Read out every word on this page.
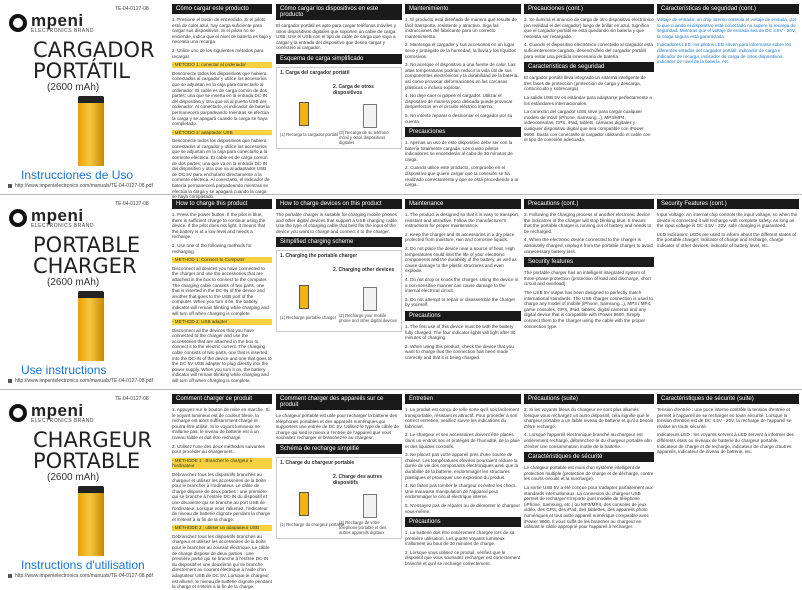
mpeni
ELECTRONICS BRAND
TE-04-0127-08
CARGADOR PORTÁTIL
(2600 mAh)
Instrucciones de Uso
http://www.impentelectronics.com/manuals/TE-04-0127-08.pdf
Cómo cargar este producto

1. Presione el botón de encendido. Si el piloto está de color azul, hay carga suficiente para cargar sus dispositivos. Si el piloto no se enciende, indica que el nivel de batería es bajo y necesita una recarga.

2. Utilice uno de los siguientes métodos para recargar.

- MÉTODO 1: conectar al ordenador

Desconecte todos los dispositivos que hubiera conectados al cargador y utilice los accesorios que se adjuntan en la caja para conectarlo al ordenador. El cable es de carga común de dos partes; una que se inserta en la entrada DC-IN del dispositivo y otra que va al puerto USB del ordenador. Al conectarlo, el indicador de batería permanecerá parpadeando mientras se efectúa la carga y se apagará cuando la carga se haya completado.

- MÉTODO 2: adaptador USB

Desconecte todos los dispositivos que hubiera conectados al cargador y utilice los accesorios que se adjuntan en la caja para conectarlo a la corriente eléctrica. El cable es de carga común de dos partes; una que va en la entrada DC-IN del dispositivo y otra que va al adaptador USB de DC 5V para enchufarlo directamente a la corriente eléctrica. Al conectarlo, el indicador de batería permanecerá parpadeando mientras se efectúa la carga y se apagará cuando la carga se haya completado.

Cómo cargar los dispositivos en este producto

El cargador portátil es apto para cargar teléfonos móviles y otros dispositivos digitales que soporten un cable de carga USB. Use el USB con el tipo de cable de carga que vaya a cargar y la entrada del dispositivo que desea cargar y conéctelo al cargador.

Esquema de carga simplificado
1. Carga del cargador portátil
2. Carga de otros dispositivos
(1) Recarga la cargador portátil (2) Recarga de su teléfono móvil y otros dispositivos digitales
Mantenimiento

1. El producto está diseñado de manera que resulte de fácil transporte, resistente y atractivo. Siga las instrucciones del fabricante para un correcto mantenimiento.

2. Mantenga el cargador y sus accesorios en un lugar seco y protegido de la humedad, la lluvia y los líquidos corrosivos.

3. No acerque el dispositivo a una fuente de calor. Las altas temperaturas podrían reducir la vida útil de sus componentes electrónicos y la durabilidad de la batería, así como provocar deformaciones en las carcasas plásticas o incluso explotar.

4. No deje caer ni golpee el cargador. Utilizar el dispositivo de manera poco delicada puede provocar desperfectos en el circuito eléctrico interno.

5. No intente reparar o desmontar el cargador por su cuenta.

Precauciones

1. Apenas un uso de este dispositivo debe ser con la batería totalmente cargada. Los cuatro pilotos indicadores se encenderán al cabo de 30 minutos de carga.

2. Cuando utilice este producto, compruebe en el dispositivo que quiere cargar que la conexión se ha realizado correctamente y que se está procediendo a la carga.

Precauciones (cont.)

3. Se ilumina el anuncio de carga de otro dispositivo electrónico (en realidad el del cargador) luego de brillar en azul. Significa que el cargador portátil se está quedando sin batería y que necesita ser recargado.

4. Cuando el dispositivo electrónico conectado al cargador está suficientemente cargado, desenchúfelo del cargador portátil para evitar una pérdida innecesaria de batería.

Características de seguridad

El cargador portátil lleva integrado un sistema inteligente de tres fases de protección (protección de carga y descarga, cortocircuito y sobrecarga).

La salida USB 5V es estándar para adaptarse perfectamente a los estándares internacionales.

La conexión del cargador USB sirve para cargar cualquier modelo de móvil (iPhone, Samsung...), MP3/MP4, videoconsolas, GPS, iPad, tablets, cámaras digitales y cualquier dispositivo digital que sea compatible con iPower 9600. Basta con conectarlo al cargador utilizando el cable con el tipo de conexión adecuada.

Características de seguridad (cont.)

Voltaje de entrada: un chip interno controla el voltaje de entrada, por lo que cuando el dispositivo esté conectado no supere la recarga de seguridad. Mientras que el voltaje de entrada sea de DC 4.5V - 20V, la carga segura está garantizada.

Indicadores LED: los pilotos LED sirven para informarse sobre los diferentes estados del cargador portátil: indicador de carga e indicador de recarga, indicador de carga de otros dispositivos, indicador de nivel de la batería, etc.

mpeni
ELECTRONICS BRAND
TE-04-0127-08
PORTABLE CHARGER
(2600 mAh)
Use instructions
http://www.impentelectronics.com/manuals/TE-04-0127-08.pdf
How to charge this product

1. Press the power button. If the pilot is blue, there is sufficient charge to continue using the device. If the pilot does not light, it means that the battery is at a low level and needs a recharge.

2. Use one of the following methods for recharging.

- METHOD 1: Connect to Computer

Disconnect all devices you have connected to the charger and use the accessories that are attached in the box to connect to the computer. The charging cable consists of two parts, one that is inserted in the DC-IN of the device and another that goes to the USB port of the computer. When you turn it on, the battery indicator will remain blinking while charging and will turn off when charging is complete.

- METHOD 2: USB adapter

Disconnect all the devices that you have connected to the charger and use the accessories that are attached in the box to connect it to the electric current. The charging cable consists of two parts, one that is inserted into the DC-IN of the device and one that goes to the DC 5V USB adapter to plug directly into the power supply. When you turn it on, the battery indicator will remain blinking while charging and will turn off when charging is complete.

How to charge devices on this product

The portable charger is suitable for charging mobile phones and other digital devices that support a USB charging cable. Use the type of charging cable that best fits the input of the device you want to charge and connect it to the charger.

Simplified charging scheme
1. Charging the portable charger
2. Charging other devices
(1) Recharge portable charger (2) Recharge your mobile phone and other digital devices
Maintenance

1. The product is designed so that it is easy to transport, resistant and attractive. Follow the manufacturer's instructions for proper maintenance.

2. Keep the charger and its accessories in a dry place protected from moisture, rain and corrosive liquids.

3. Do not place the device near a source of heat. High temperatures could limit the life of your electronic components and the durability of the battery, as well as cause damage to the plastic structures and even explode.

4. Do not drop or knock the charger. Using the device in a non-sensitive manner can cause damage to the internal electrical circuit.

5. Do not attempt to repair or disassemble the charger by yourself.

Precautions

1. The first use of this device must be with the battery fully charged. The four indicator lights will light after 30 minutes of charging.

2. When using this product, check the device that you want to charge that the connection has been made correctly and that it is being charged.

Precautions (cont.)

3. Following the charging process of another electronic device the indicators of the charger will stop blinking blue. It means that the portable charger is running out of battery and needs to be recharged.

4. When the electronic device connected to the charger is absolutely charged, unplug it from the portable charger to avoid unnecessary battery loss.

Security features

The portable charger has an intelligent integrated system of three-phase protection (protection of load and discharge, short circuit and overload).

The USB 5V output has been designed to perfectly match international standards. The USB charger connection is used to charge any model of mobile (iPhone, Samsung...), MP3 / MP4, game consoles, GPS, iPad, tablets, digital cameras and any digital device that is compatible with iPower 9600. Simply connect them to the charger using the cable with the proper connection type.

Security Features (cont.)

Input Voltage: An internal chip controls the input voltage, so when the device is connected it will recharge with complete safety. As long as the input voltage is DC 4.5V - 20V, safe charging is guaranteed.

LED Indicators: LEDs are used to inform about the different states of the portable charger: indicator of charge and recharge, charge indicator of other devices, indicator of battery level, etc.

mpeni
ELECTRONICS BRAND
TE-04-0127-08
CHARGEUR PORTABLE
(2600 mAh)
Instructions d'utilisation
http://www.impentelectronics.com/manuals/TE-04-0127-08.pdf
Comment charger ce produit

1. Appuyez sur le bouton de mise en marche. Si le voyant lumineux est de couleur bleue, la recharge est alors suffisamment chargé et pourra être utilisé. Si le voyant lumineux ne s'allume pas, le niveau de batterie est à un niveau faible et doit être rechargé.

2. Utilisez l'une des deux méthodes suivantes pour procéder au chargement.

- MÉTHODE 1 : Brancher le chargeur à l'ordinateur

Débranchez tous les dispositifs branchés au chargeur et utilisez les accessoires de la boîte pour le brancher à l'ordinateur. Le câble de charge dispose de deux parties : une première qui se branche à l'entrée DC-IN du dispositif et une deuxième qui se branche au port USB de l'ordinateur. Lorsque vous l'allumez, l'indicateur de niveau de batterie clignote pendant la charge et s'éteint à la fin de la charge.

- MÉTHODE 2 : utiliser un adaptateur USB

Débranchez tous les dispositifs branchés au chargeur et utilisez les accessoires de la boîte pour le brancher au courant électrique. Le câble de charge dispose de deux parties : une première partie qui se branche à l'entrée DC-IN du dispositif et une deuxième qui se branche directement au courant électrique à l'aide d'un adaptateur USB de DC 5V. Lorsque le chargeur est allumé, le niveau de batterie clignote pendant la charge et s'éteint à la fin de la charge.

Comment charger des appareils sur ce produit

Le chargeur portable est utile pour recharger la batterie des téléphones portables et des appareils numériques qui supportent une entrée de DC 5V. Utilisez le type de câble de charge qui sied le mieux à l'entrée de l'appareil que vous souhaitez recharger et branchez-le au chargeur.

Schéma de recharge simplifié
1. Charge du chargeur portable
2. Charge des autres dispositifs
(1) Recharge du chargeur portable
(2) Recharge de votre téléphone portable et des autres appareils digitaux
Entretien

1. Le produit est conçu de telle sorte qu'il soit facilement transportable, résistant et attractif. Pour procéder à son correct entretien, veuillez suivre les indications du fabricant.

2. Le chargeur et ses accessoires doivent être placés dans un endroit sec et protégés de l'humidité, de la pluie et des liquides corrosifs.

3. Ne placez pas votre appareil près d'une source de chaleur. Les températures élevées pourraient réduire la durée de vie des composants électroniques ainsi que la durabilité de la batterie, endommager les structures plastiques et provoquer une explosion du produit.

4. Ne faites pas tomber le chargeur et évitez les chocs. Une mauvaise manipulation de l'appareil peut endommager le circuit électrique interne.

5. N'essayez pas de réparer ou de démonter le chargeur vous-même.

Précautions

1. La batterie doit être entièrement chargée lors de sa première utilisation. Les quatre voyants lumineux s'allument au bout de 30 minutes de charge.

2. Lorsque vous utilisez ce produit, vérifiez que le dispositif que vous souhaitez recharger est correctement branché et qu'il se recharge correctement.

Précautions (suite)

3. Si les voyants bleus du chargeur ne sont plus allumés lorsque vous rechargez un autre dispositif, cela signifie que le chargeur portable a un faible niveau de batterie et qu'il a besoin d'être rechargé.

4. Lorsque l'appareil électronique branché au chargeur est entièrement rechargé, débranchez-le du chargeur portable afin d'éviter une consommation inutile de la batterie.

Caractéristiques de sécurité

Le chargeur portable est muni d'un système intelligent de protection multiple (protection de charge et de décharge, contre les courts-circuits et la surcharge).

La sortie USB 5V a été conçue pour s'adapter parfaitement aux standards internationaux. La connexion du chargeur USB permet de recharger n'importe quel modèle de téléphone (iPhone, Samsung, etc.) ou MP3/MP4, des consoles de jeux vidéo, des GPS, des iPad, des tablettes, des appareils photo numériques et tout autre appareil numérique compatible avec iPower 9600. Il vous suffit de les brancher au chargeur en utilisant le câble approprié pour l'appareil à recharger.

Caractéristiques de sécurité (suite)

Tension d'entrée : une puce interne contrôle la tension d'entrée et permet à l'appareil de se recharger en toute sécurité. Lorsque la tension d'entrée est de DC 4.5V - 20V, la recharge de l'appareil se réalise en toute sécurité.

Indicateurs LED : les voyants servent à LED servent à informer des différents états ou niveaux de batterie du chargeur portable. Indicateur de charge et de recharge, indicateur de charge d'autres appareils, indicateur de niveau de batterie, etc.
